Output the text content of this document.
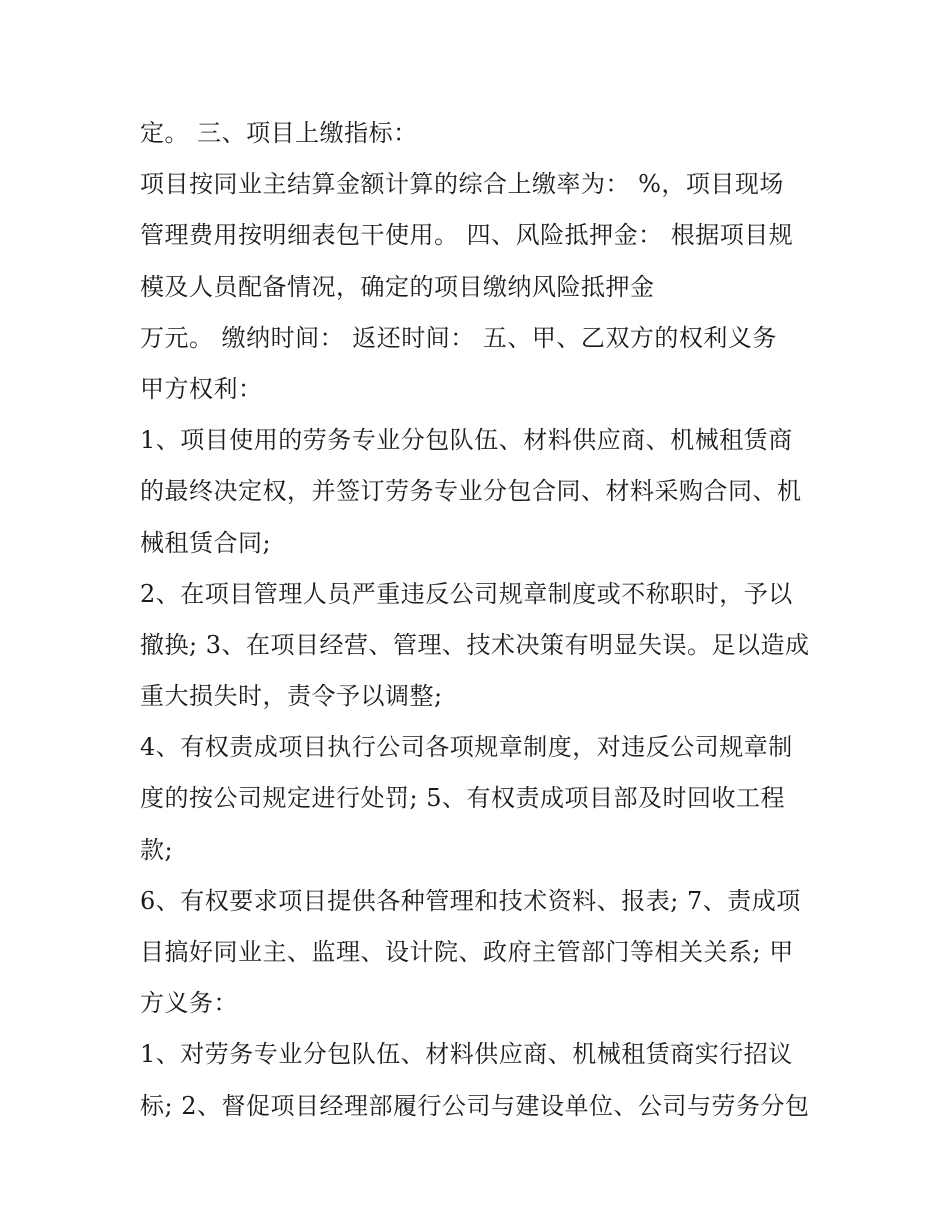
定。 三、项目上缴指标：
项目按同业主结算金额计算的综合上缴率为： %，项目现场
管理费用按明细表包干使用。 四、风险抵押金： 根据项目规
模及人员配备情况，确定的项目缴纳风险抵押金
万元。 缴纳时间： 返还时间： 五、甲、乙双方的权利义务
甲方权利：
1、项目使用的劳务专业分包队伍、材料供应商、机械租赁商
的最终决定权，并签订劳务专业分包合同、材料采购合同、机
械租赁合同;
2、在项目管理人员严重违反公司规章制度或不称职时，予以
撤换; 3、在项目经营、管理、技术决策有明显失误。足以造成
重大损失时，责令予以调整;
4、有权责成项目执行公司各项规章制度，对违反公司规章制
度的按公司规定进行处罚; 5、有权责成项目部及时回收工程
款;
6、有权要求项目提供各种管理和技术资料、报表; 7、责成项
目搞好同业主、监理、设计院、政府主管部门等相关关系; 甲
方义务：
1、对劳务专业分包队伍、材料供应商、机械租赁商实行招议
标; 2、督促项目经理部履行公司与建设单位、公司与劳务分包
